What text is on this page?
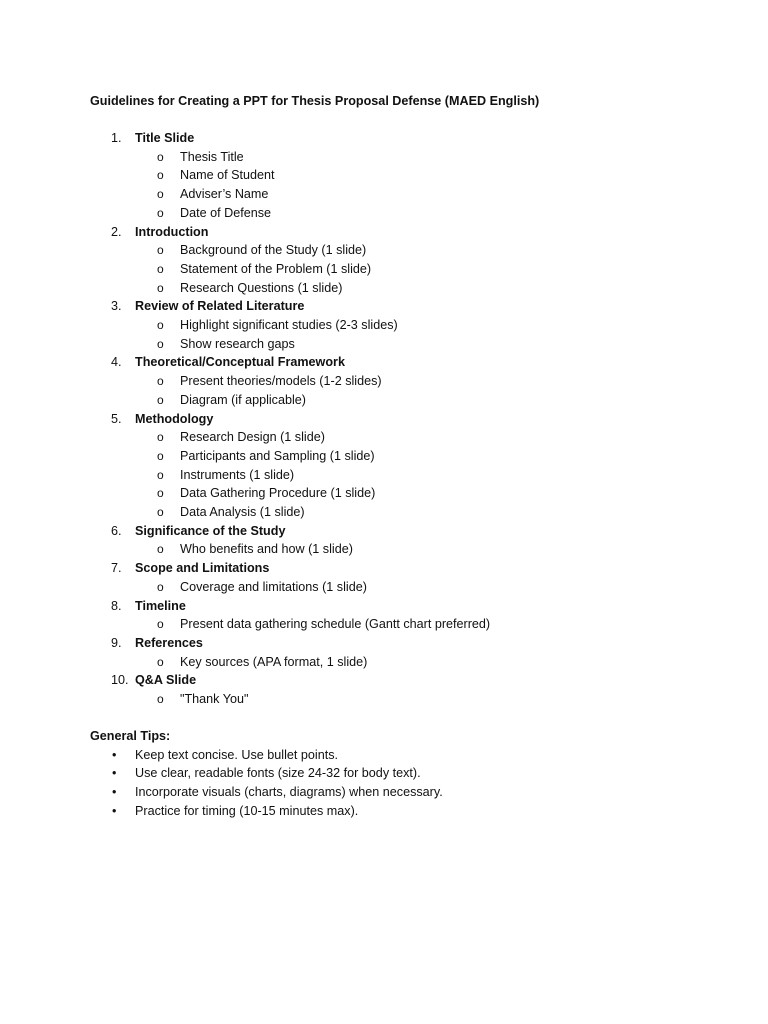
Guidelines for Creating a PPT for Thesis Proposal Defense (MAED English)

1. Title Slide
o Thesis Title
o Name of Student
o Adviser’s Name
o Date of Defense
2. Introduction
o Background of the Study (1 slide)
o Statement of the Problem (1 slide)
o Research Questions (1 slide)
3. Review of Related Literature
o Highlight significant studies (2-3 slides)
o Show research gaps
4. Theoretical/Conceptual Framework
o Present theories/models (1-2 slides)
o Diagram (if applicable)
5. Methodology
o Research Design (1 slide)
o Participants and Sampling (1 slide)
o Instruments (1 slide)
o Data Gathering Procedure (1 slide)
o Data Analysis (1 slide)
6. Significance of the Study
o Who benefits and how (1 slide)
7. Scope and Limitations
o Coverage and limitations (1 slide)
8. Timeline
o Present data gathering schedule (Gantt chart preferred)
9. References
o Key sources (APA format, 1 slide)
10. Q&A Slide
o "Thank You"

General Tips:

• Keep text concise. Use bullet points.
• Use clear, readable fonts (size 24-32 for body text).
• Incorporate visuals (charts, diagrams) when necessary.
• Practice for timing (10-15 minutes max).
